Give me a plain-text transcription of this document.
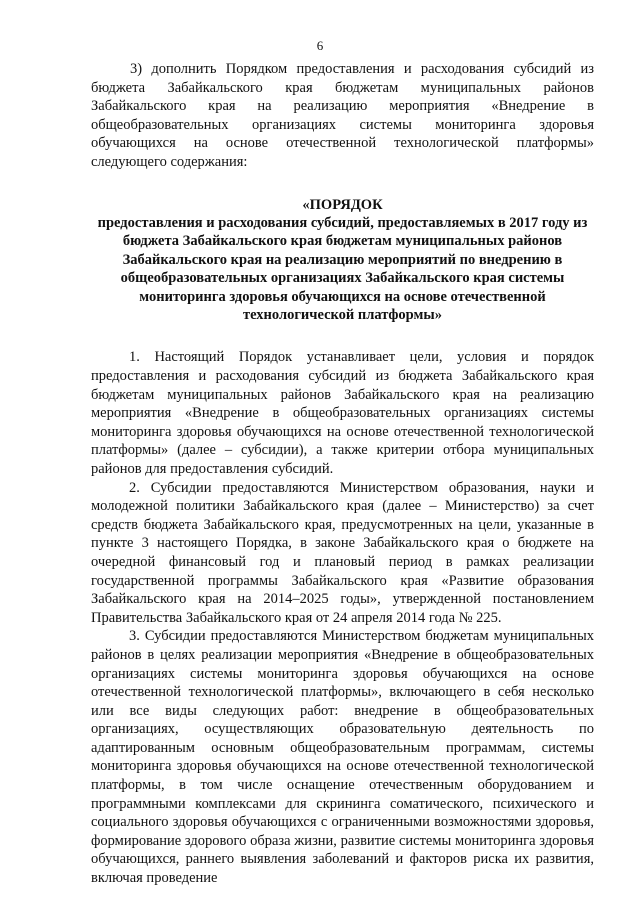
6

3) дополнить Порядком предоставления и расходования субсидий из бюджета Забайкальского края бюджетам муниципальных районов Забайкальского края на реализацию мероприятия «Внедрение в общеобразовательных организациях системы мониторинга здоровья обучающихся на основе отечественной технологической платформы» следующего содержания:

«ПОРЯДОК

предоставления и расходования субсидий, предоставляемых в 2017 году из бюджета Забайкальского края бюджетам муниципальных районов Забайкальского края на реализацию мероприятий по внедрению в общеобразовательных организациях Забайкальского края системы мониторинга здоровья обучающихся на основе отечественной технологической платформы»

1. Настоящий Порядок устанавливает цели, условия и порядок предоставления и расходования субсидий из бюджета Забайкальского края бюджетам муниципальных районов Забайкальского края на реализацию мероприятия «Внедрение в общеобразовательных организациях системы мониторинга здоровья обучающихся на основе отечественной технологической платформы» (далее – субсидии), а также критерии отбора муниципальных районов для предоставления субсидий.

2. Субсидии предоставляются Министерством образования, науки и молодежной политики Забайкальского края (далее – Министерство) за счет средств бюджета Забайкальского края, предусмотренных на цели, указанные в пункте 3 настоящего Порядка, в законе Забайкальского края о бюджете на очередной финансовый год и плановый период в рамках реализации государственной программы Забайкальского края «Развитие образования Забайкальского края на 2014–2025 годы», утвержденной постановлением Правительства Забайкальского края от 24 апреля 2014 года № 225.

3. Субсидии предоставляются Министерством бюджетам муниципальных районов в целях реализации мероприятия «Внедрение в общеобразовательных организациях системы мониторинга здоровья обучающихся на основе отечественной технологической платформы», включающего в себя несколько или все виды следующих работ: внедрение в общеобразовательных организациях, осуществляющих образовательную деятельность по адаптированным основным общеобразовательным программам, системы мониторинга здоровья обучающихся на основе отечественной технологической платформы, в том числе оснащение отечественным оборудованием и программными комплексами для скрининга соматического, психического и социального здоровья обучающихся с ограниченными возможностями здоровья, формирование здорового образа жизни, развитие системы мониторинга здоровья обучающихся, раннего выявления заболеваний и факторов риска их развития, включая проведение
